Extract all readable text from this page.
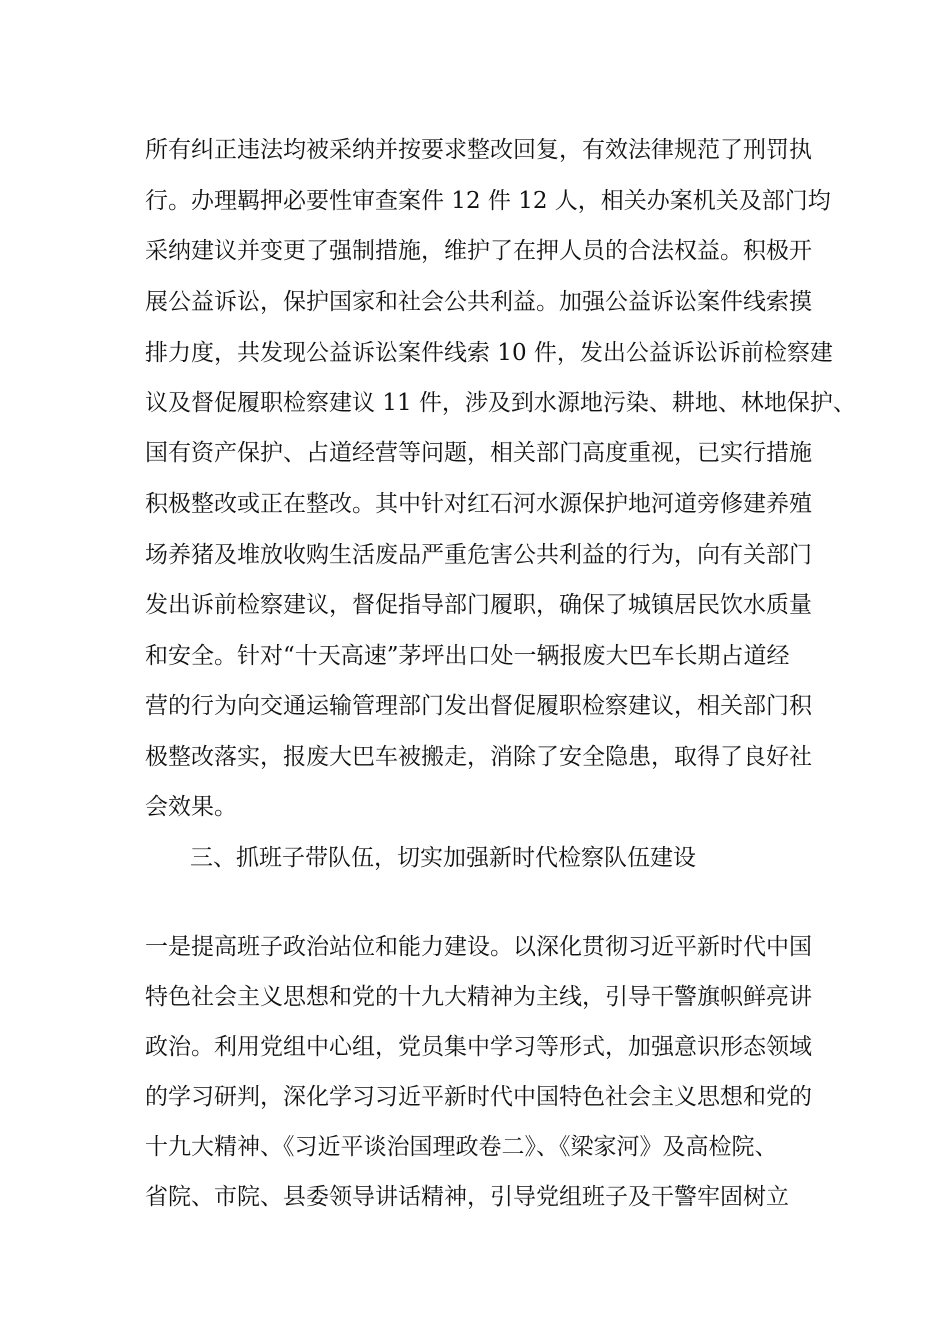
所有纠正违法均被采纳并按要求整改回复，有效法律规范了刑罚执
行。办理羁押必要性审查案件 12 件 12 人，相关办案机关及部门均
采纳建议并变更了强制措施，维护了在押人员的合法权益。积极开
展公益诉讼，保护国家和社会公共利益。加强公益诉讼案件线索摸
排力度，共发现公益诉讼案件线索 10 件，发出公益诉讼诉前检察建
议及督促履职检察建议 11 件，涉及到水源地污染、耕地、林地保护、
国有资产保护、占道经营等问题，相关部门高度重视，已实行措施
积极整改或正在整改。其中针对红石河水源保护地河道旁修建养殖
场养猪及堆放收购生活废品严重危害公共利益的行为，向有关部门
发出诉前检察建议，督促指导部门履职，确保了城镇居民饮水质量
和安全。针对“十天高速”茅坪出口处一辆报废大巴车长期占道经
营的行为向交通运输管理部门发出督促履职检察建议，相关部门积
极整改落实，报废大巴车被搬走，消除了安全隐患，取得了良好社
会效果。
三、抓班子带队伍，切实加强新时代检察队伍建设
一是提高班子政治站位和能力建设。以深化贯彻习近平新时代中国
特色社会主义思想和党的十九大精神为主线，引导干警旗帜鲜亮讲
政治。利用党组中心组，党员集中学习等形式，加强意识形态领域
的学习研判，深化学习习近平新时代中国特色社会主义思想和党的
十九大精神、《习近平谈治国理政卷二》、《梁家河》及高检院、
省院、市院、县委领导讲话精神，引导党组班子及干警牢固树立
